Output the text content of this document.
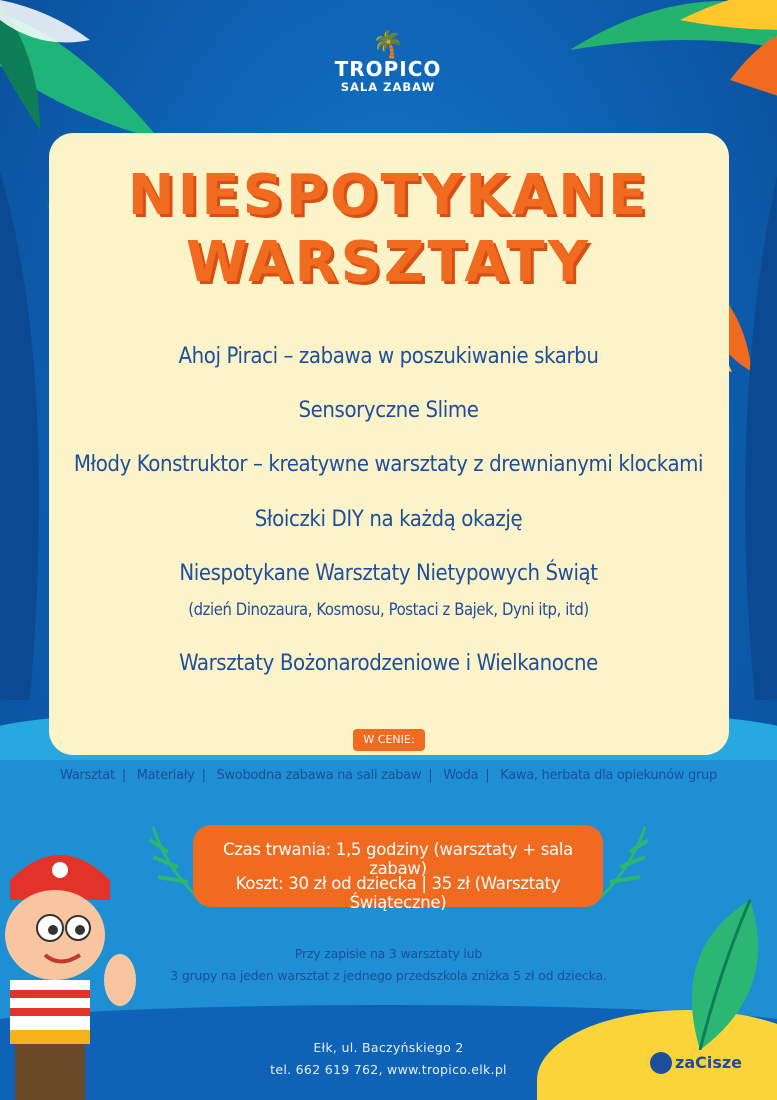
🌴
TROPICO
SALA ZABAW
NIESPOTYKANE
WARSZTATY
Ahoj Piraci – zabawa w poszukiwanie skarbu
Sensoryczne Slime
Młody Konstruktor – kreatywne warsztaty z drewnianymi klockami
Słoiczki DIY na każdą okazję
Niespotykane Warsztaty Nietypowych Świąt
(dzień Dinozaura, Kosmosu, Postaci z Bajek, Dyni itp, itd)
Warsztaty Bożonarodzeniowe i Wielkanocne
W CENIE:
Warsztat | Materiały | Swobodna zabawa na sali zabaw | Woda | Kawa, herbata dla opiekunów grup
Czas trwania: 1,5 godziny (warsztaty + sala zabaw)
Koszt: 30 zł od dziecka | 35 zł (Warsztaty Świąteczne)
Przy zapisie na 3 warsztaty lub
3 grupy na jeden warsztat z jednego przedszkola zniżka 5 zł od dziecka.
Ełk, ul. Baczyńskiego 2
tel. 662 619 762, www.tropico.elk.pl	zaCisze
